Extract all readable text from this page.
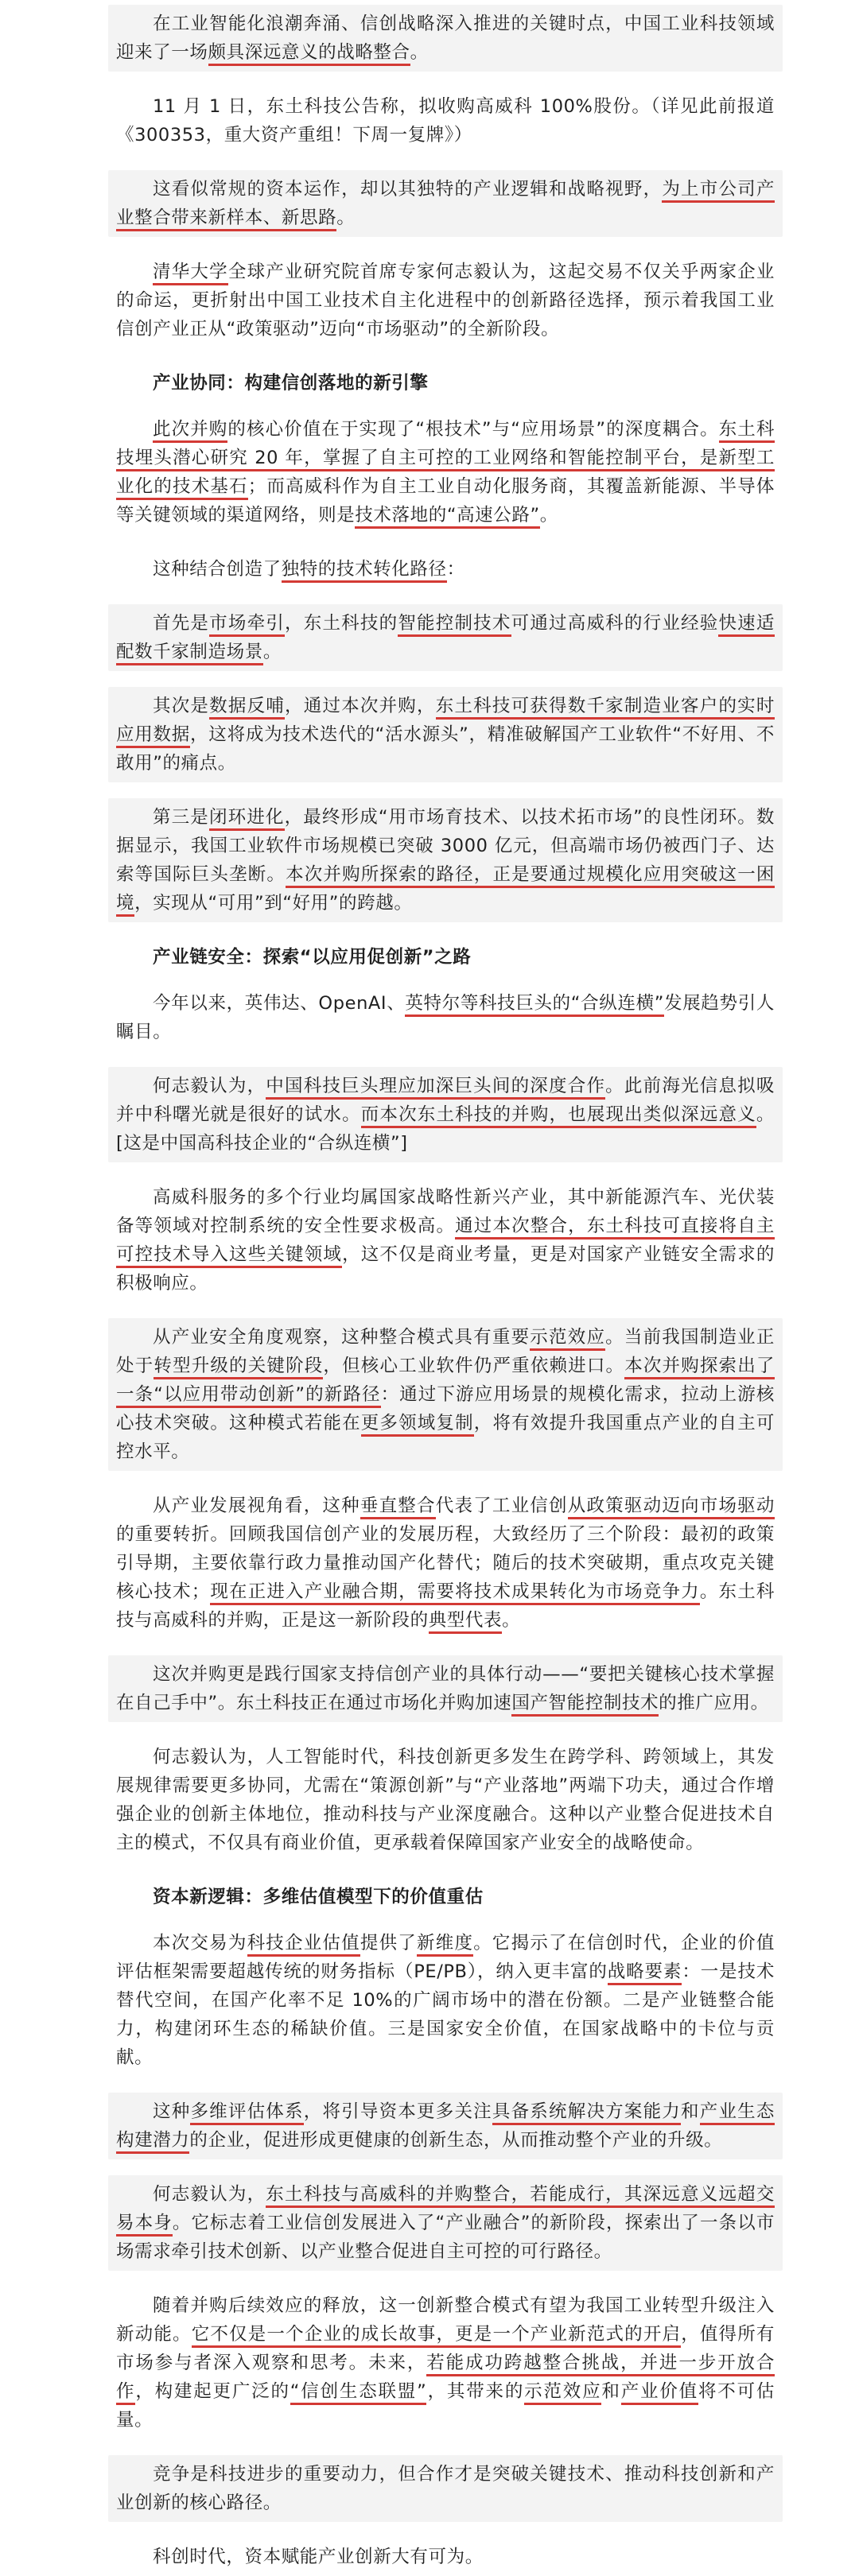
在工业智能化浪潮奔涌、信创战略深入推进的关键时点，中国工业科技领域迎来了一场颇具深远意义的战略整合。

11 月 1 日，东土科技公告称，拟收购高威科 100%股份。（详见此前报道《300353，重大资产重组！下周一复牌》）

这看似常规的资本运作，却以其独特的产业逻辑和战略视野，为上市公司产业整合带来新样本、新思路。

清华大学全球产业研究院首席专家何志毅认为，这起交易不仅关乎两家企业的命运，更折射出中国工业技术自主化进程中的创新路径选择，预示着我国工业信创产业正从“政策驱动”迈向“市场驱动”的全新阶段。

产业协同：构建信创落地的新引擎

此次并购的核心价值在于实现了“根技术”与“应用场景”的深度耦合。东土科技埋头潜心研究 20 年，掌握了自主可控的工业网络和智能控制平台，是新型工业化的技术基石；而高威科作为自主工业自动化服务商，其覆盖新能源、半导体等关键领域的渠道网络，则是技术落地的“高速公路”。

这种结合创造了独特的技术转化路径：

首先是市场牵引，东土科技的智能控制技术可通过高威科的行业经验快速适配数千家制造场景。

其次是数据反哺，通过本次并购，东土科技可获得数千家制造业客户的实时应用数据，这将成为技术迭代的“活水源头”，精准破解国产工业软件“不好用、不敢用”的痛点。

第三是闭环进化，最终形成“用市场育技术、以技术拓市场”的良性闭环。数据显示，我国工业软件市场规模已突破 3000 亿元，但高端市场仍被西门子、达索等国际巨头垄断。本次并购所探索的路径，正是要通过规模化应用突破这一困境，实现从“可用”到“好用”的跨越。

产业链安全：探索“以应用促创新”之路

今年以来，英伟达、OpenAI、英特尔等科技巨头的“合纵连横”发展趋势引人瞩目。

何志毅认为，中国科技巨头理应加深巨头间的深度合作。此前海光信息拟吸并中科曙光就是很好的试水。而本次东土科技的并购，也展现出类似深远意义。[这是中国高科技企业的“合纵连横”]

高威科服务的多个行业均属国家战略性新兴产业，其中新能源汽车、光伏装备等领域对控制系统的安全性要求极高。通过本次整合，东土科技可直接将自主可控技术导入这些关键领域，这不仅是商业考量，更是对国家产业链安全需求的积极响应。

从产业安全角度观察，这种整合模式具有重要示范效应。当前我国制造业正处于转型升级的关键阶段，但核心工业软件仍严重依赖进口。本次并购探索出了一条“以应用带动创新”的新路径：通过下游应用场景的规模化需求，拉动上游核心技术突破。这种模式若能在更多领域复制，将有效提升我国重点产业的自主可控水平。

从产业发展视角看，这种垂直整合代表了工业信创从政策驱动迈向市场驱动的重要转折。回顾我国信创产业的发展历程，大致经历了三个阶段：最初的政策引导期，主要依靠行政力量推动国产化替代；随后的技术突破期，重点攻克关键核心技术；现在正进入产业融合期，需要将技术成果转化为市场竞争力。东土科技与高威科的并购，正是这一新阶段的典型代表。

这次并购更是践行国家支持信创产业的具体行动——“要把关键核心技术掌握在自己手中”。东土科技正在通过市场化并购加速国产智能控制技术的推广应用。

何志毅认为，人工智能时代，科技创新更多发生在跨学科、跨领域上，其发展规律需要更多协同，尤需在“策源创新”与“产业落地”两端下功夫，通过合作增强企业的创新主体地位，推动科技与产业深度融合。这种以产业整合促进技术自主的模式，不仅具有商业价值，更承载着保障国家产业安全的战略使命。

资本新逻辑：多维估值模型下的价值重估

本次交易为科技企业估值提供了新维度。它揭示了在信创时代，企业的价值评估框架需要超越传统的财务指标（PE/PB），纳入更丰富的战略要素：一是技术替代空间，在国产化率不足 10%的广阔市场中的潜在份额。二是产业链整合能力，构建闭环生态的稀缺价值。三是国家安全价值，在国家战略中的卡位与贡献。

这种多维评估体系，将引导资本更多关注具备系统解决方案能力和产业生态构建潜力的企业，促进形成更健康的创新生态，从而推动整个产业的升级。

何志毅认为，东土科技与高威科的并购整合，若能成行，其深远意义远超交易本身。它标志着工业信创发展进入了“产业融合”的新阶段，探索出了一条以市场需求牵引技术创新、以产业整合促进自主可控的可行路径。

随着并购后续效应的释放，这一创新整合模式有望为我国工业转型升级注入新动能。它不仅是一个企业的成长故事，更是一个产业新范式的开启，值得所有市场参与者深入观察和思考。未来，若能成功跨越整合挑战，并进一步开放合作，构建起更广泛的“信创生态联盟”，其带来的示范效应和产业价值将不可估量。

竞争是科技进步的重要动力，但合作才是突破关键技术、推动科技创新和产业创新的核心路径。

科创时代，资本赋能产业创新大有可为。
